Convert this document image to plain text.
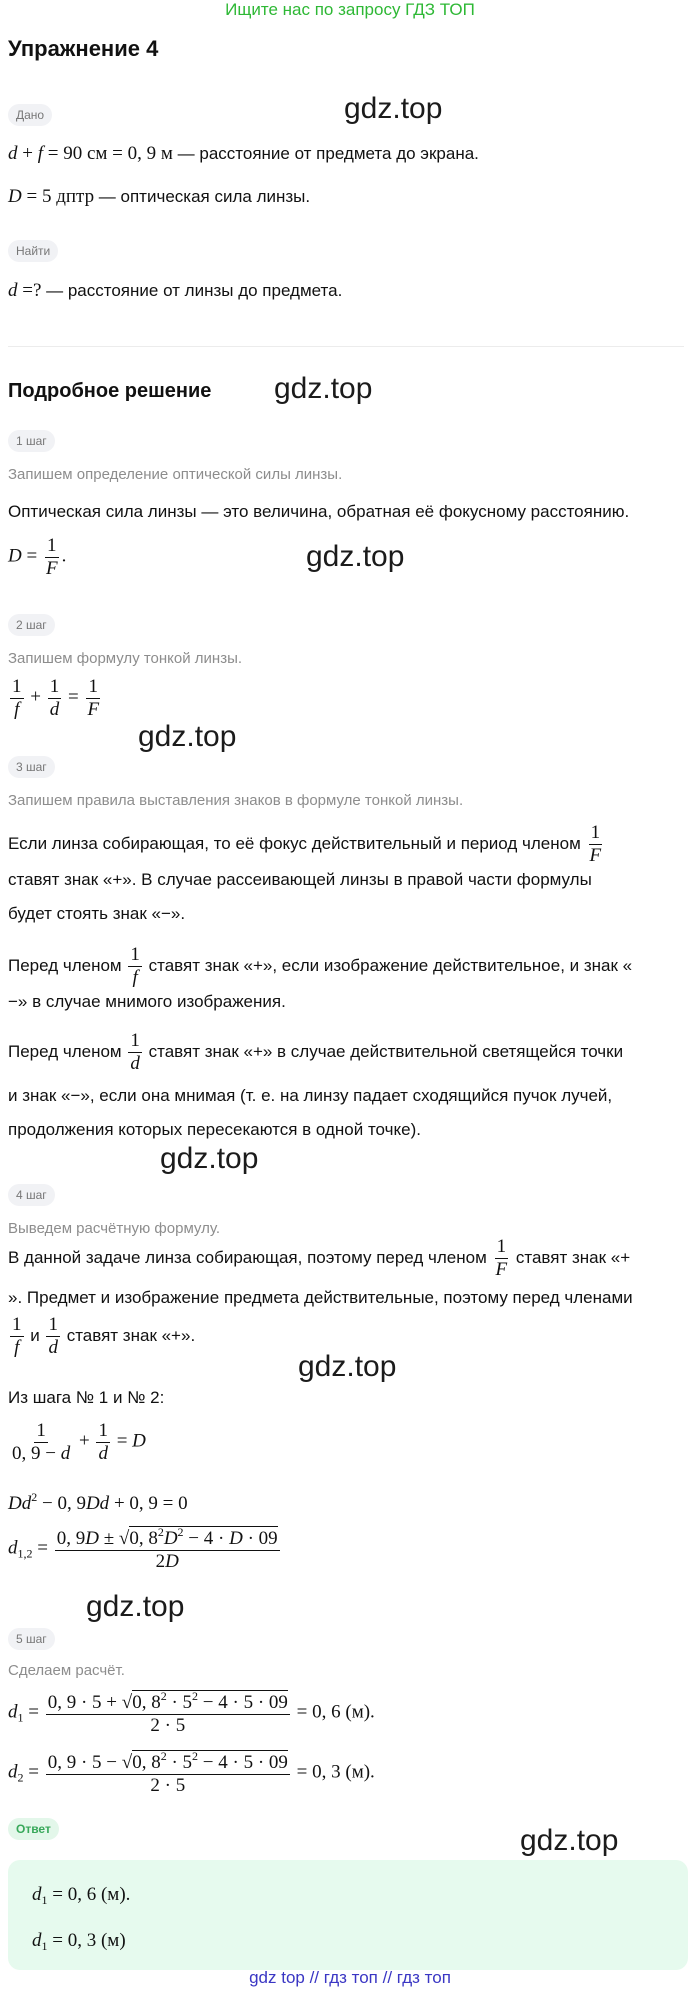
Ищите нас по запросу ГДЗ ТОП
Упражнение 4
Дано	gdz.top
d + f = 90 см = 0, 9 м — расстояние от предмета до экрана.
D = 5 дптр — оптическая сила линзы.
Найти
d =? — расстояние от линзы до предмета.
Подробное решение gdz.top
1 шаг
Запишем определение оптической силы линзы.
Оптическая сила линзы — это величина, обратная её фокусному расстоянию.
$D = \frac{1}{F}$ .	gdz.top
2 шаг
Запишем формулу тонкой линзы.
$\frac{1}{f} + \frac{1}{d} = \frac{1}{F}$
gdz.top
3 шаг
Запишем правила выставления знаков в формуле тонкой линзы.
Если линза собирающая, то её фокус действительный и период членом $\frac{1}{F}$
ставят знак «+». В случае рассеивающей линзы в правой части формулы
будет стоять знак «−».
Перед членом $\frac{1}{f}$ ставят знак «+», если изображение действительное, и знак «
−» в случае мнимого изображения.
Перед членом $\frac{1}{d}$ ставят знак «+» в случае действительной светящейся точки
и знак «−», если она мнимая (т. е. на линзу падает сходящийся пучок лучей,
продолжения которых пересекаются в одной точке).
gdz.top
4 шаг
Выведем расчётную формулу.
В данной задаче линза собирающая, поэтому перед членом $\frac{1}{F}$ ставят знак «+
». Предмет и изображение предмета действительные, поэтому перед членами
$\frac{1}{f}$ и $\frac{1}{d}$ ставят знак «+».
gdz.top
Из шага № 1 и № 2:
$\frac{1}{0, 9 - d} + \frac{1}{d} = D$
$Dd^2 - 0$, 9Dd + 0, 9 = 0
$d_{1,2} = \frac{0, 9D \pm √0, 8^2D^2 - 4 \cdot D \cdot 09}{2D}$
gdz.top
5 шаг
Сделаем расчёт.
$d_1 = \frac{0, 9 \cdot 5 + √0, 8^2 \cdot 5^2 - 4 \cdot 5 \cdot 09}{2 \cdot 5} = 0$, 6 (м).
$d_2 = \frac{0, 9 \cdot 5 - √0, 8^2 \cdot 5^2 - 4 \cdot 5 \cdot 09}{2 \cdot 5} = 0$, 3 (м).
Ответ	gdz.top
$d_1 = 0$, 6 (м).
$d_1 = 0$, 3 (м)
gdz top // гдз топ // гдз топ
